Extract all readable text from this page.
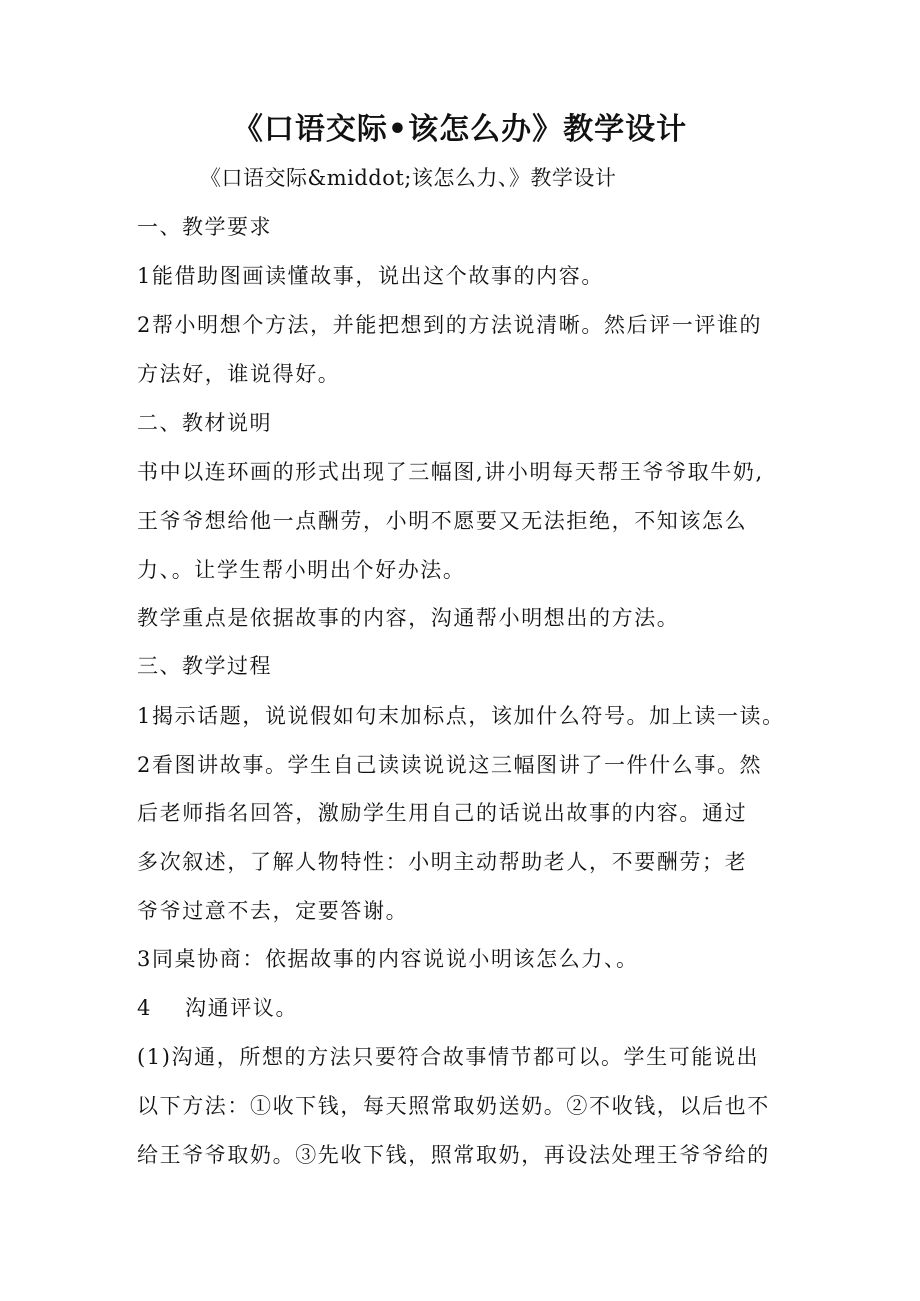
《口语交际•该怎么办》教学设计
《口语交际&middot;该怎么力、》教学设计
一、教学要求
1能借助图画读懂故事，说出这个故事的内容。
2帮小明想个方法，并能把想到的方法说清晰。然后评一评谁的
方法好，谁说得好。
二、教材说明
书中以连环画的形式出现了三幅图,讲小明每天帮王爷爷取牛奶,
王爷爷想给他一点酬劳，小明不愿要又无法拒绝，不知该怎么
力、。让学生帮小明出个好办法。
教学重点是依据故事的内容，沟通帮小明想出的方法。
三、教学过程
1揭示话题，说说假如句末加标点，该加什么符号。加上读一读。
2看图讲故事。学生自己读读说说这三幅图讲了一件什么事。然
后老师指名回答，激励学生用自己的话说出故事的内容。通过
多次叙述，了解人物特性：小明主动帮助老人，不要酬劳；老
爷爷过意不去，定要答谢。
3同桌协商：依据故事的内容说说小明该怎么力、。
4    沟通评议。
(1)沟通，所想的方法只要符合故事情节都可以。学生可能说出
以下方法：①收下钱，每天照常取奶送奶。②不收钱，以后也不
给王爷爷取奶。③先收下钱，照常取奶，再设法处理王爷爷给的
